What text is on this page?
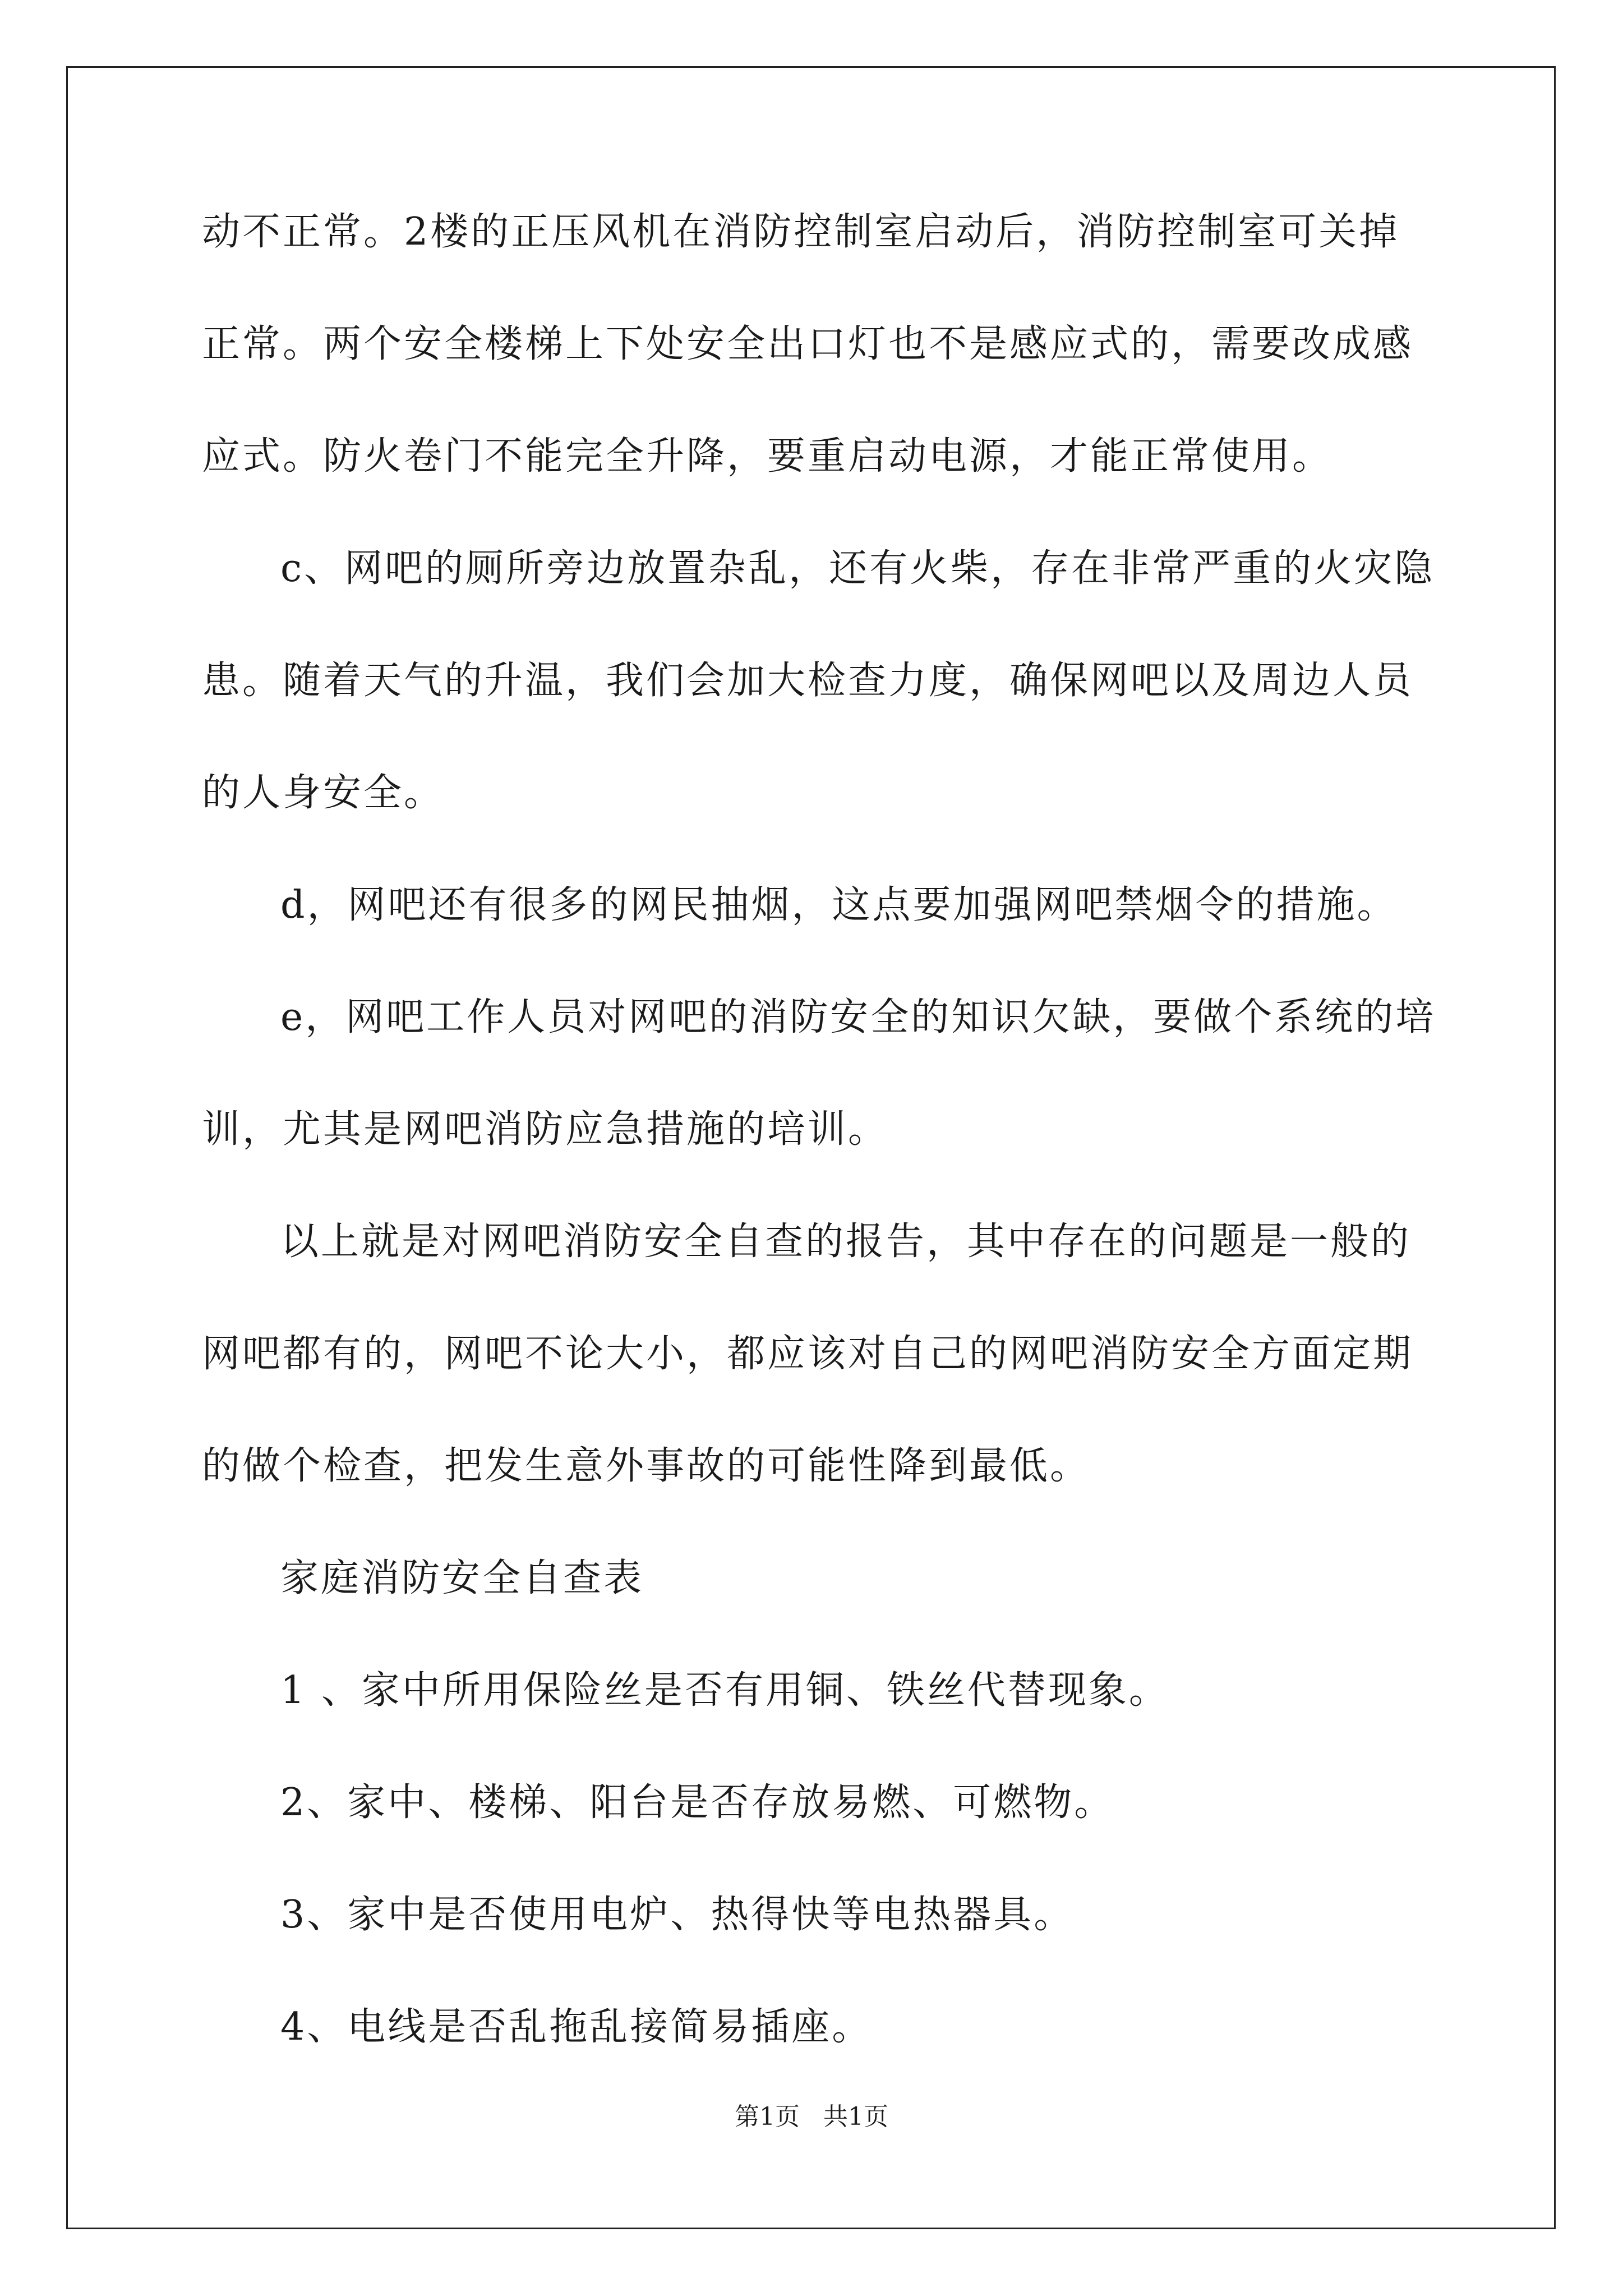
动不正常。2楼的正压风机在消防控制室启动后，消防控制室可关掉
正常。两个安全楼梯上下处安全出口灯也不是感应式的，需要改成感
应式。防火卷门不能完全升降，要重启动电源，才能正常使用。
c、网吧的厕所旁边放置杂乱，还有火柴，存在非常严重的火灾隐
患。随着天气的升温，我们会加大检查力度，确保网吧以及周边人员
的人身安全。
d，网吧还有很多的网民抽烟，这点要加强网吧禁烟令的措施。
e，网吧工作人员对网吧的消防安全的知识欠缺，要做个系统的培
训，尤其是网吧消防应急措施的培训。
以上就是对网吧消防安全自查的报告，其中存在的问题是一般的
网吧都有的，网吧不论大小，都应该对自己的网吧消防安全方面定期
的做个检查，把发生意外事故的可能性降到最低。
家庭消防安全自查表
1 、家中所用保险丝是否有用铜、铁丝代替现象。
2、家中、楼梯、阳台是否存放易燃、可燃物。
3、家中是否使用电炉、热得快等电热器具。
4、电线是否乱拖乱接简易插座。
第1页   共1页
